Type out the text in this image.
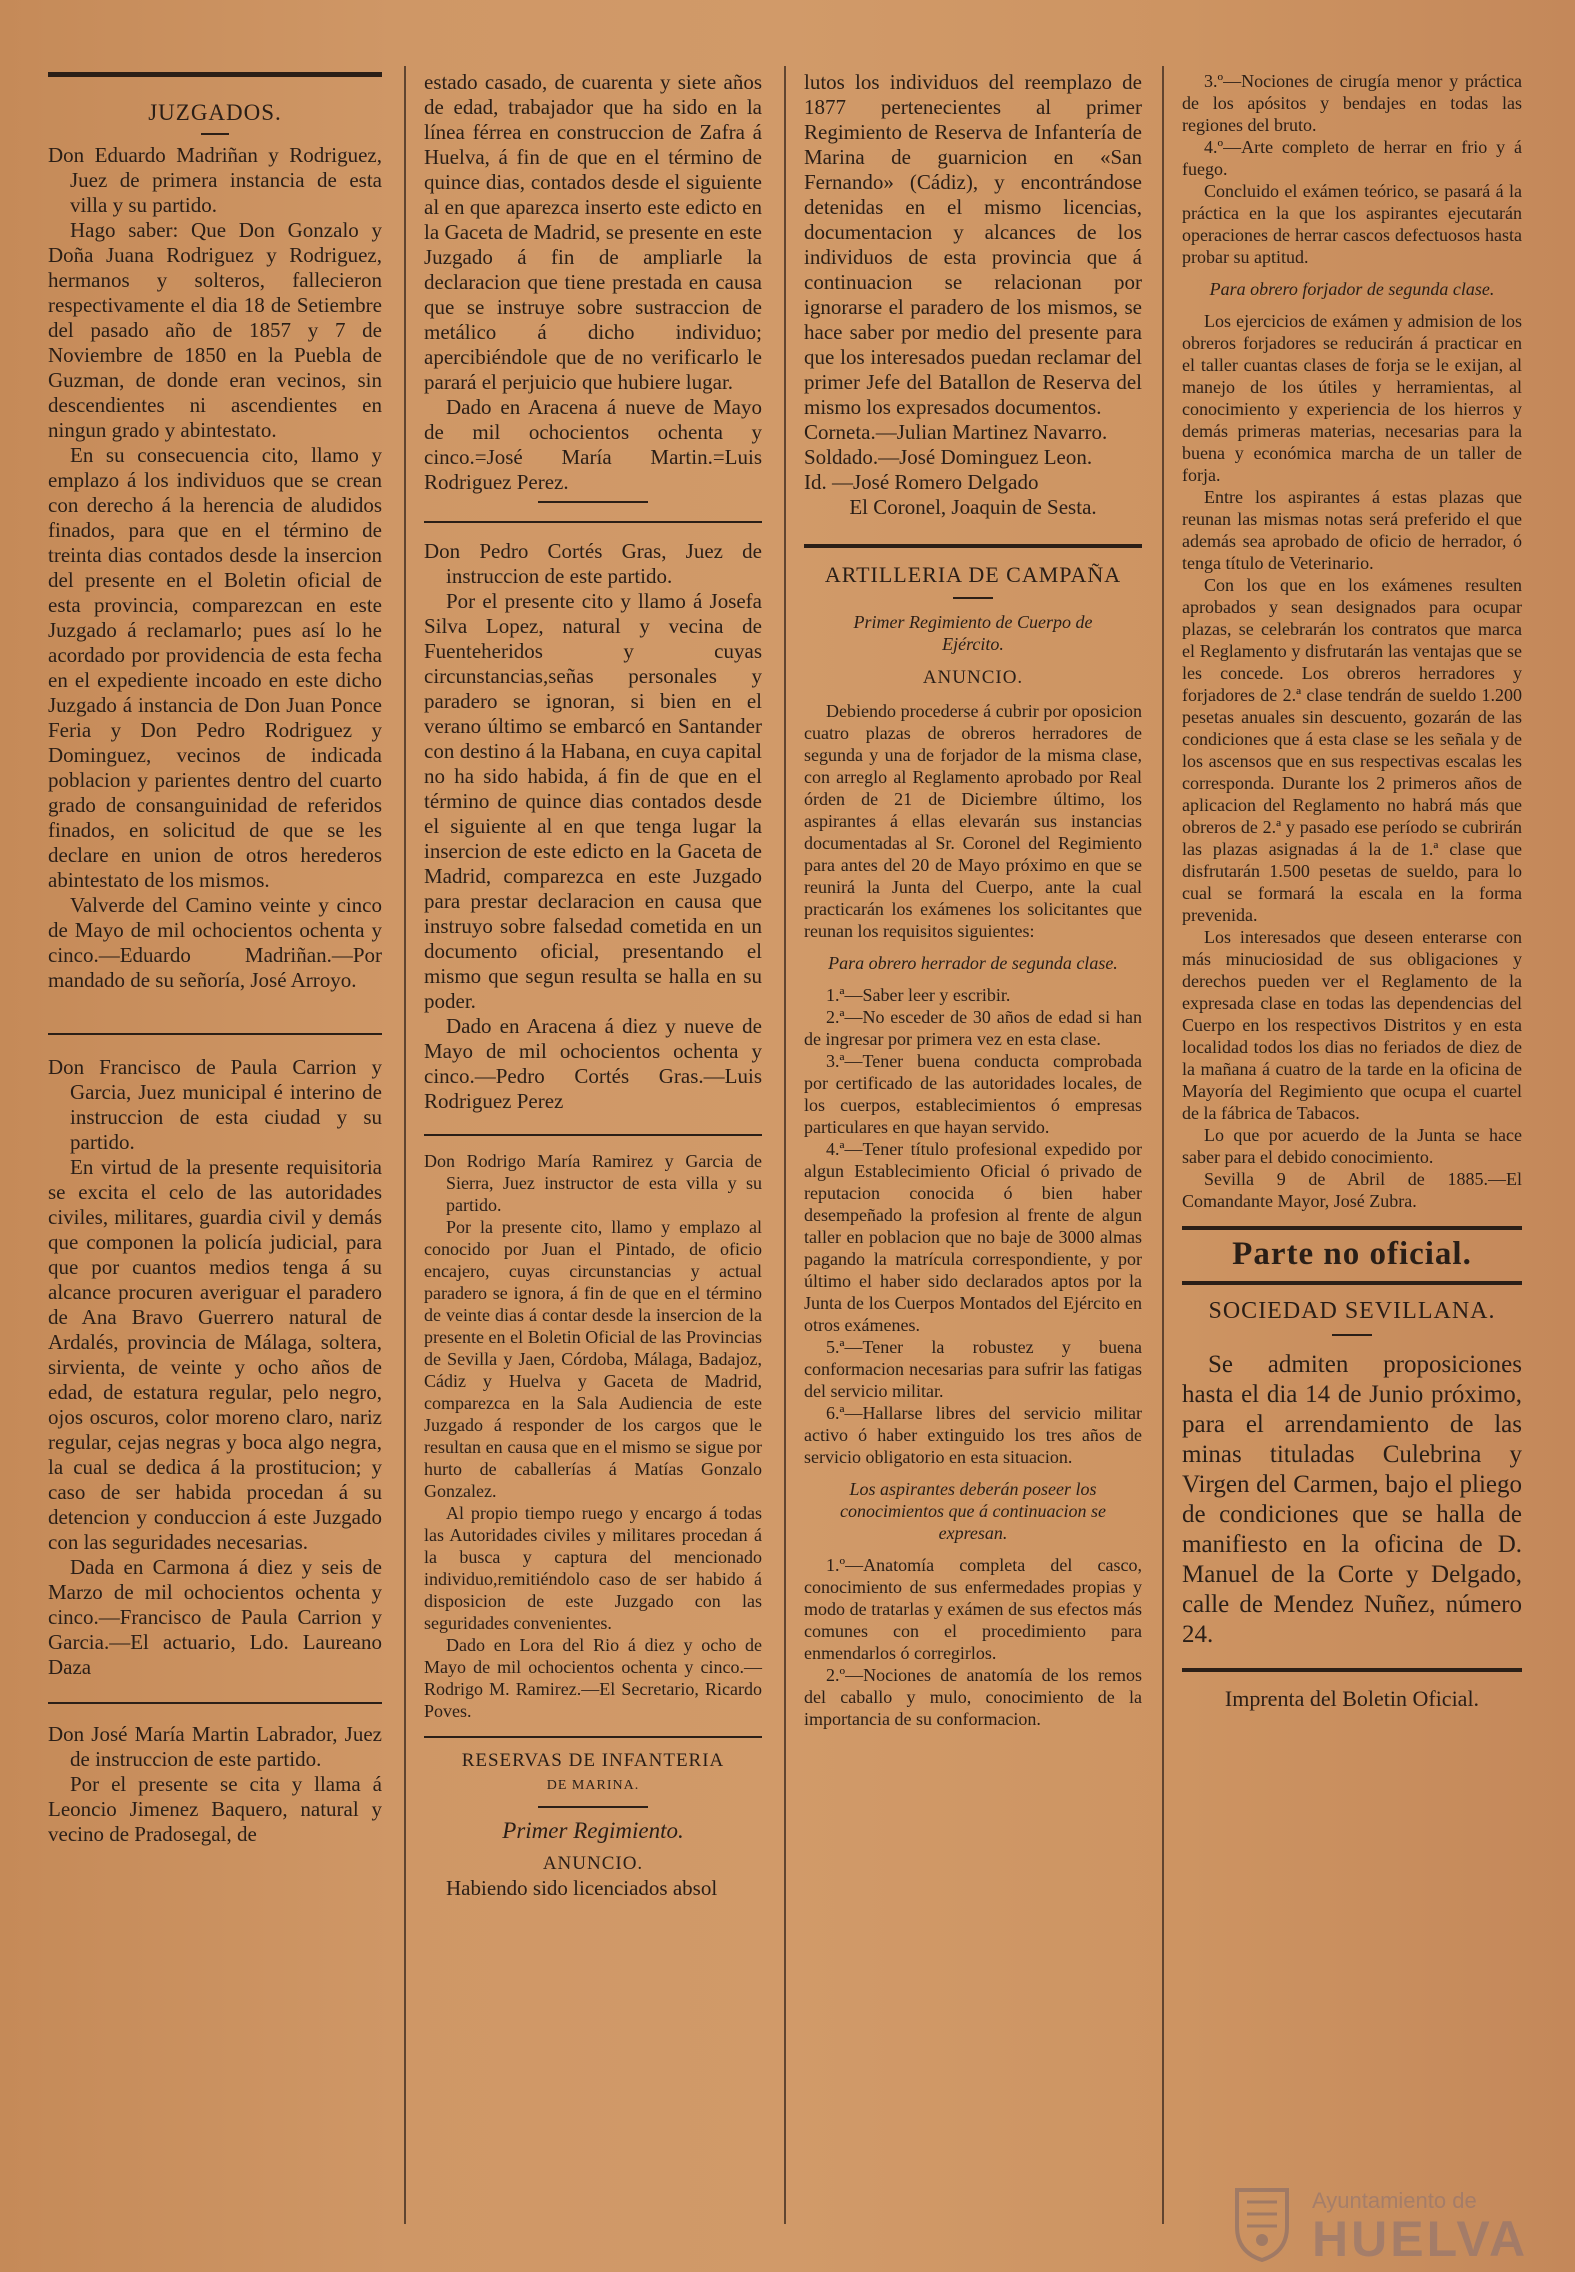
JUZGADOS.

Don Eduardo Madriñan y Rodriguez, Juez de primera instancia de esta villa y su partido.

Hago saber: Que Don Gonzalo y Doña Juana Rodriguez y Rodriguez, hermanos y solteros, fallecieron respectivamente el dia 18 de Setiembre del pasado año de 1857 y 7 de Noviembre de 1850 en la Puebla de Guzman, de donde eran vecinos, sin descendientes ni ascendientes en ningun grado y abintestato.

En su consecuencia cito, llamo y emplazo á los individuos que se crean con derecho á la herencia de aludidos finados, para que en el término de treinta dias contados desde la insercion del presente en el Boletin oficial de esta provincia, comparezcan en este Juzgado á reclamarlo; pues así lo he acordado por providencia de esta fecha en el expediente incoado en este dicho Juzgado á instancia de Don Juan Ponce Feria y Don Pedro Rodriguez y Dominguez, vecinos de indicada poblacion y parientes dentro del cuarto grado de consanguinidad de referidos finados, en solicitud de que se les declare en union de otros herederos abintestato de los mismos.

Valverde del Camino veinte y cinco de Mayo de mil ochocientos ochenta y cinco.—Eduardo Madriñan.—Por mandado de su señoría, José Arroyo.

Don Francisco de Paula Carrion y Garcia, Juez municipal é interino de instruccion de esta ciudad y su partido.

En virtud de la presente requisitoria se excita el celo de las autoridades civiles, militares, guardia civil y demás que componen la policía judicial, para que por cuantos medios tenga á su alcance procuren averiguar el paradero de Ana Bravo Guerrero natural de Ardalés, provincia de Málaga, soltera, sirvienta, de veinte y ocho años de edad, de estatura regular, pelo negro, ojos oscuros, color moreno claro, nariz regular, cejas negras y boca algo negra, la cual se dedica á la prostitucion; y caso de ser habida procedan á su detencion y conduccion á este Juzgado con las seguridades necesarias.

Dada en Carmona á diez y seis de Marzo de mil ochocientos ochenta y cinco.—Francisco de Paula Carrion y Garcia.—El actuario, Ldo. Laureano Daza

Don José María Martin Labrador, Juez de instruccion de este partido.

Por el presente se cita y llama á Leoncio Jimenez Baquero, natural y vecino de Pradosegal, de

estado casado, de cuarenta y siete años de edad, trabajador que ha sido en la línea férrea en construccion de Zafra á Huelva, á fin de que en el término de quince dias, contados desde el siguiente al en que aparezca inserto este edicto en la Gaceta de Madrid, se presente en este Juzgado á fin de ampliarle la declaracion que tiene prestada en causa que se instruye sobre sustraccion de metálico á dicho individuo; apercibiéndole que de no verificarlo le parará el perjuicio que hubiere lugar.

Dado en Aracena á nueve de Mayo de mil ochocientos ochenta y cinco.=José María Martin.=Luis Rodriguez Perez.

Don Pedro Cortés Gras, Juez de instruccion de este partido.

Por el presente cito y llamo á Josefa Silva Lopez, natural y vecina de Fuenteheridos y cuyas circunstancias,señas personales y paradero se ignoran, si bien en el verano último se embarcó en Santander con destino á la Habana, en cuya capital no ha sido habida, á fin de que en el término de quince dias contados desde el siguiente al en que tenga lugar la insercion de este edicto en la Gaceta de Madrid, comparezca en este Juzgado para prestar declaracion en causa que instruyo sobre falsedad cometida en un documento oficial, presentando el mismo que segun resulta se halla en su poder.

Dado en Aracena á diez y nueve de Mayo de mil ochocientos ochenta y cinco.—Pedro Cortés Gras.—Luis Rodriguez Perez

Don Rodrigo María Ramirez y Garcia de Sierra, Juez instructor de esta villa y su partido.

Por la presente cito, llamo y emplazo al conocido por Juan el Pintado, de oficio encajero, cuyas circunstancias y actual paradero se ignora, á fin de que en el término de veinte dias á contar desde la insercion de la presente en el Boletin Oficial de las Provincias de Sevilla y Jaen, Córdoba, Málaga, Badajoz, Cádiz y Huelva y Gaceta de Madrid, comparezca en la Sala Audiencia de este Juzgado á responder de los cargos que le resultan en causa que en el mismo se sigue por hurto de caballerías á Matías Gonzalo Gonzalez.

Al propio tiempo ruego y encargo á todas las Autoridades civiles y militares procedan á la busca y captura del mencionado individuo,remitiéndolo caso de ser habido á disposicion de este Juzgado con las seguridades convenientes.

Dado en Lora del Rio á diez y ocho de Mayo de mil ochocientos ochenta y cinco.—Rodrigo M. Ramirez.—El Secretario, Ricardo Poves.

RESERVAS DE INFANTERIA
DE MARINA.
Primer Regimiento.
ANUNCIO.

Habiendo sido licenciados absol

lutos los individuos del reemplazo de 1877 pertenecientes al primer Regimiento de Reserva de Infantería de Marina de guarnicion en «San Fernando» (Cádiz), y encontrándose detenidas en el mismo licencias, documentacion y alcances de los individuos de esta provincia que á continuacion se relacionan por ignorarse el paradero de los mismos, se hace saber por medio del presente para que los interesados puedan reclamar del primer Jefe del Batallon de Reserva del mismo los expresados documentos.

Corneta.—Julian Martinez Navarro.

Soldado.—José Dominguez Leon.

Id. —José Romero Delgado

El Coronel, Joaquin de Sesta.

ARTILLERIA DE CAMPAÑA
Primer Regimiento de Cuerpo de Ejército.
ANUNCIO.

Debiendo procederse á cubrir por oposicion cuatro plazas de obreros herradores de segunda y una de forjador de la misma clase, con arreglo al Reglamento aprobado por Real órden de 21 de Diciembre último, los aspirantes á ellas elevarán sus instancias documentadas al Sr. Coronel del Regimiento para antes del 20 de Mayo próximo en que se reunirá la Junta del Cuerpo, ante la cual practicarán los exámenes los solicitantes que reunan los requisitos siguientes:

Para obrero herrador de segunda clase.

1.ª—Saber leer y escribir.

2.ª—No esceder de 30 años de edad si han de ingresar por primera vez en esta clase.

3.ª—Tener buena conducta comprobada por certificado de las autoridades locales, de los cuerpos, establecimientos ó empresas particulares en que hayan servido.

4.ª—Tener título profesional expedido por algun Establecimiento Oficial ó privado de reputacion conocida ó bien haber desempeñado la profesion al frente de algun taller en poblacion que no baje de 3000 almas pagando la matrícula correspondiente, y por último el haber sido declarados aptos por la Junta de los Cuerpos Montados del Ejército en otros exámenes.

5.ª—Tener la robustez y buena conformacion necesarias para sufrir las fatigas del servicio militar.

6.ª—Hallarse libres del servicio militar activo ó haber extinguido los tres años de servicio obligatorio en esta situacion.

Los aspirantes deberán poseer los conocimientos que á continuacion se expresan.

1.º—Anatomía completa del casco, conocimiento de sus enfermedades propias y modo de tratarlas y exámen de sus efectos más comunes con el procedimiento para enmendarlos ó corregirlos.

2.º—Nociones de anatomía de los remos del caballo y mulo, conocimiento de la importancia de su conformacion.

3.º—Nociones de cirugía menor y práctica de los apósitos y bendajes en todas las regiones del bruto.

4.º—Arte completo de herrar en frio y á fuego.

Concluido el exámen teórico, se pasará á la práctica en la que los aspirantes ejecutarán operaciones de herrar cascos defectuosos hasta probar su aptitud.

Para obrero forjador de segunda clase.

Los ejercicios de exámen y admision de los obreros forjadores se reducirán á practicar en el taller cuantas clases de forja se le exijan, al manejo de los útiles y herramientas, al conocimiento y experiencia de los hierros y demás primeras materias, necesarias para la buena y económica marcha de un taller de forja.

Entre los aspirantes á estas plazas que reunan las mismas notas será preferido el que además sea aprobado de oficio de herrador, ó tenga título de Veterinario.

Con los que en los exámenes resulten aprobados y sean designados para ocupar plazas, se celebrarán los contratos que marca el Reglamento y disfrutarán las ventajas que se les concede. Los obreros herradores y forjadores de 2.ª clase tendrán de sueldo 1.200 pesetas anuales sin descuento, gozarán de las condiciones que á esta clase se les señala y de los ascensos que en sus respectivas escalas les corresponda. Durante los 2 primeros años de aplicacion del Reglamento no habrá más que obreros de 2.ª y pasado ese período se cubrirán las plazas asignadas á la de 1.ª clase que disfrutarán 1.500 pesetas de sueldo, para lo cual se formará la escala en la forma prevenida.

Los interesados que deseen enterarse con más minuciosidad de sus obligaciones y derechos pueden ver el Reglamento de la expresada clase en todas las dependencias del Cuerpo en los respectivos Distritos y en esta localidad todos los dias no feriados de diez de la mañana á cuatro de la tarde en la oficina de Mayoría del Regimiento que ocupa el cuartel de la fábrica de Tabacos.

Lo que por acuerdo de la Junta se hace saber para el debido conocimiento.

Sevilla 9 de Abril de 1885.—El Comandante Mayor, José Zubra.

Parte no oficial.
SOCIEDAD SEVILLANA.

Se admiten proposiciones hasta el dia 14 de Junio próximo, para el arrendamiento de las minas tituladas Culebrina y Virgen del Carmen, bajo el pliego de condiciones que se halla de manifiesto en la oficina de D. Manuel de la Corte y Delgado, calle de Mendez Nuñez, número 24.

Imprenta del Boletin Oficial.
Ayuntamiento de
HUELVA
